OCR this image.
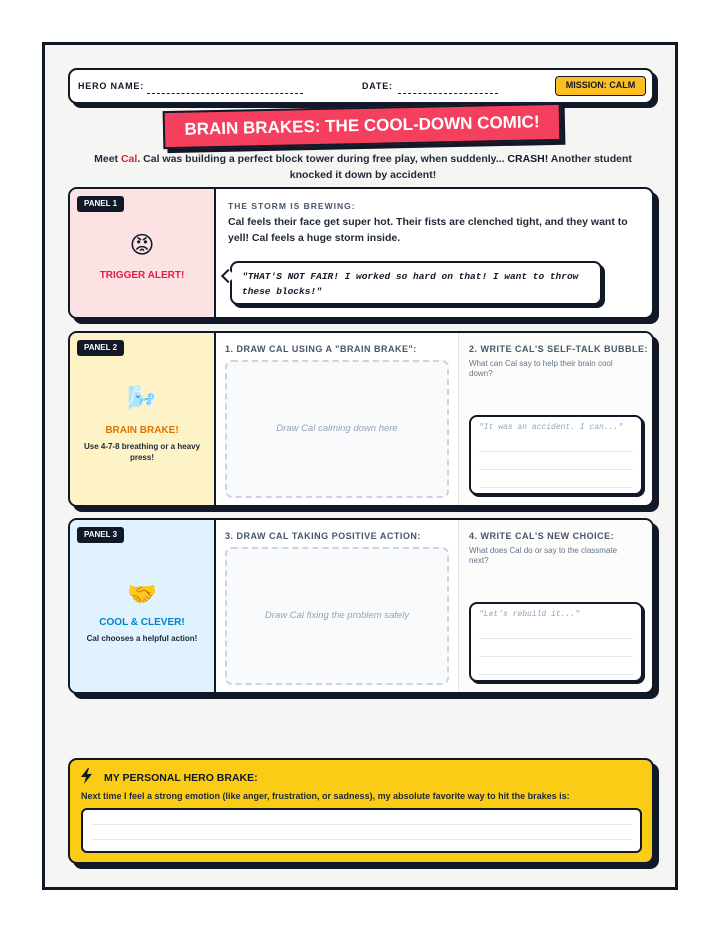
HERO NAME:	DATE:	MISSION: CALM
BRAIN BRAKES: THE COOL-DOWN COMIC!
Meet Cal. Cal was building a perfect block tower during free play, when suddenly... CRASH! Another student knocked it down by accident!
PANEL 1
😡
TRIGGER ALERT!
THE STORM IS BREWING:
Cal feels their face get super hot. Their fists are clenched tight, and they want to yell! Cal feels a huge storm inside.
"THAT'S NOT FAIR! I worked so hard on that! I want to throw these blocks!"
PANEL 2
🌬️
BRAIN BRAKE!
Use 4-7-8 breathing or a heavy press!
1. DRAW CAL USING A "BRAIN BRAKE":
Draw Cal calming down here
2. WRITE CAL'S SELF-TALK BUBBLE:
What can Cal say to help their brain cool down?
"It was an accident. I can..."
PANEL 3
🤝
COOL & CLEVER!
Cal chooses a helpful action!
3. DRAW CAL TAKING POSITIVE ACTION:
Draw Cal fixing the problem safely
4. WRITE CAL'S NEW CHOICE:
What does Cal do or say to the classmate next?
"Let's rebuild it..."
MY PERSONAL HERO BRAKE:
Next time I feel a strong emotion (like anger, frustration, or sadness), my absolute favorite way to hit the brakes is:
